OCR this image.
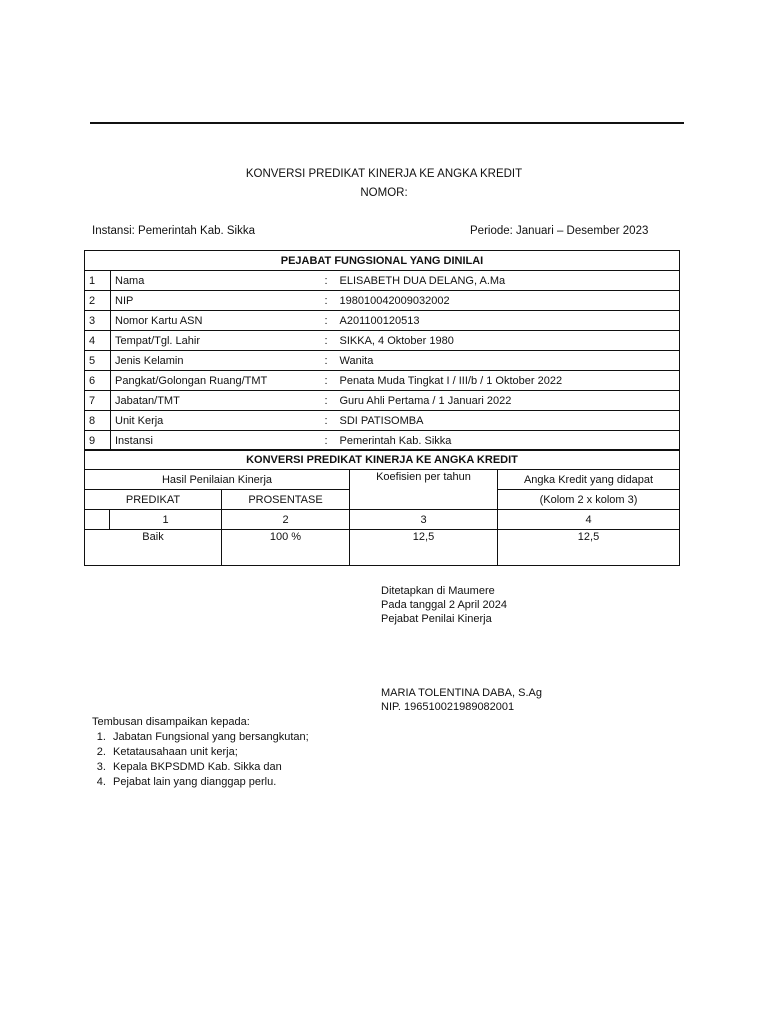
KONVERSI PREDIKAT KINERJA KE ANGKA KREDIT
NOMOR:
Instansi: Pemerintah Kab. Sikka	Periode: Januari – Desember 2023
PEJABAT FUNGSIONAL YANG DINILAI			
1	Nama	:	ELISABETH DUA DELANG, A.Ma
2	NIP	:	198010042009032002
3	Nomor Kartu ASN	:	A201100120513
4	Tempat/Tgl. Lahir	:	SIKKA, 4 Oktober 1980
5	Jenis Kelamin	:	Wanita
6	Pangkat/Golongan Ruang/TMT	:	Penata Muda Tingkat I / III/b / 1 Oktober 2022
7	Jabatan/TMT	:	Guru Ahli Pertama / 1 Januari 2022
8	Unit Kerja	:	SDI PATISOMBA
9	Instansi	:	Pemerintah Kab. Sikka
KONVERSI PREDIKAT KINERJA KE ANGKA KREDIT				
Hasil Penilaian Kinerja			Koefisien per tahun	Angka Kredit yang didapat
PREDIKAT		PROSENTASE		(Kolom 2 x kolom 3)
	1	2	3	4
Baik		100 %	12,5	12,5
Ditetapkan di Maumere
Pada tanggal 2 April 2024
Pejabat Penilai Kinerja
MARIA TOLENTINA DABA, S.Ag
NIP. 196510021989082001
Tembusan disampaikan kepada:
1. Jabatan Fungsional yang bersangkutan;
2. Ketatausahaan unit kerja;
3. Kepala BKPSDMD Kab. Sikka dan
4. Pejabat lain yang dianggap perlu.
